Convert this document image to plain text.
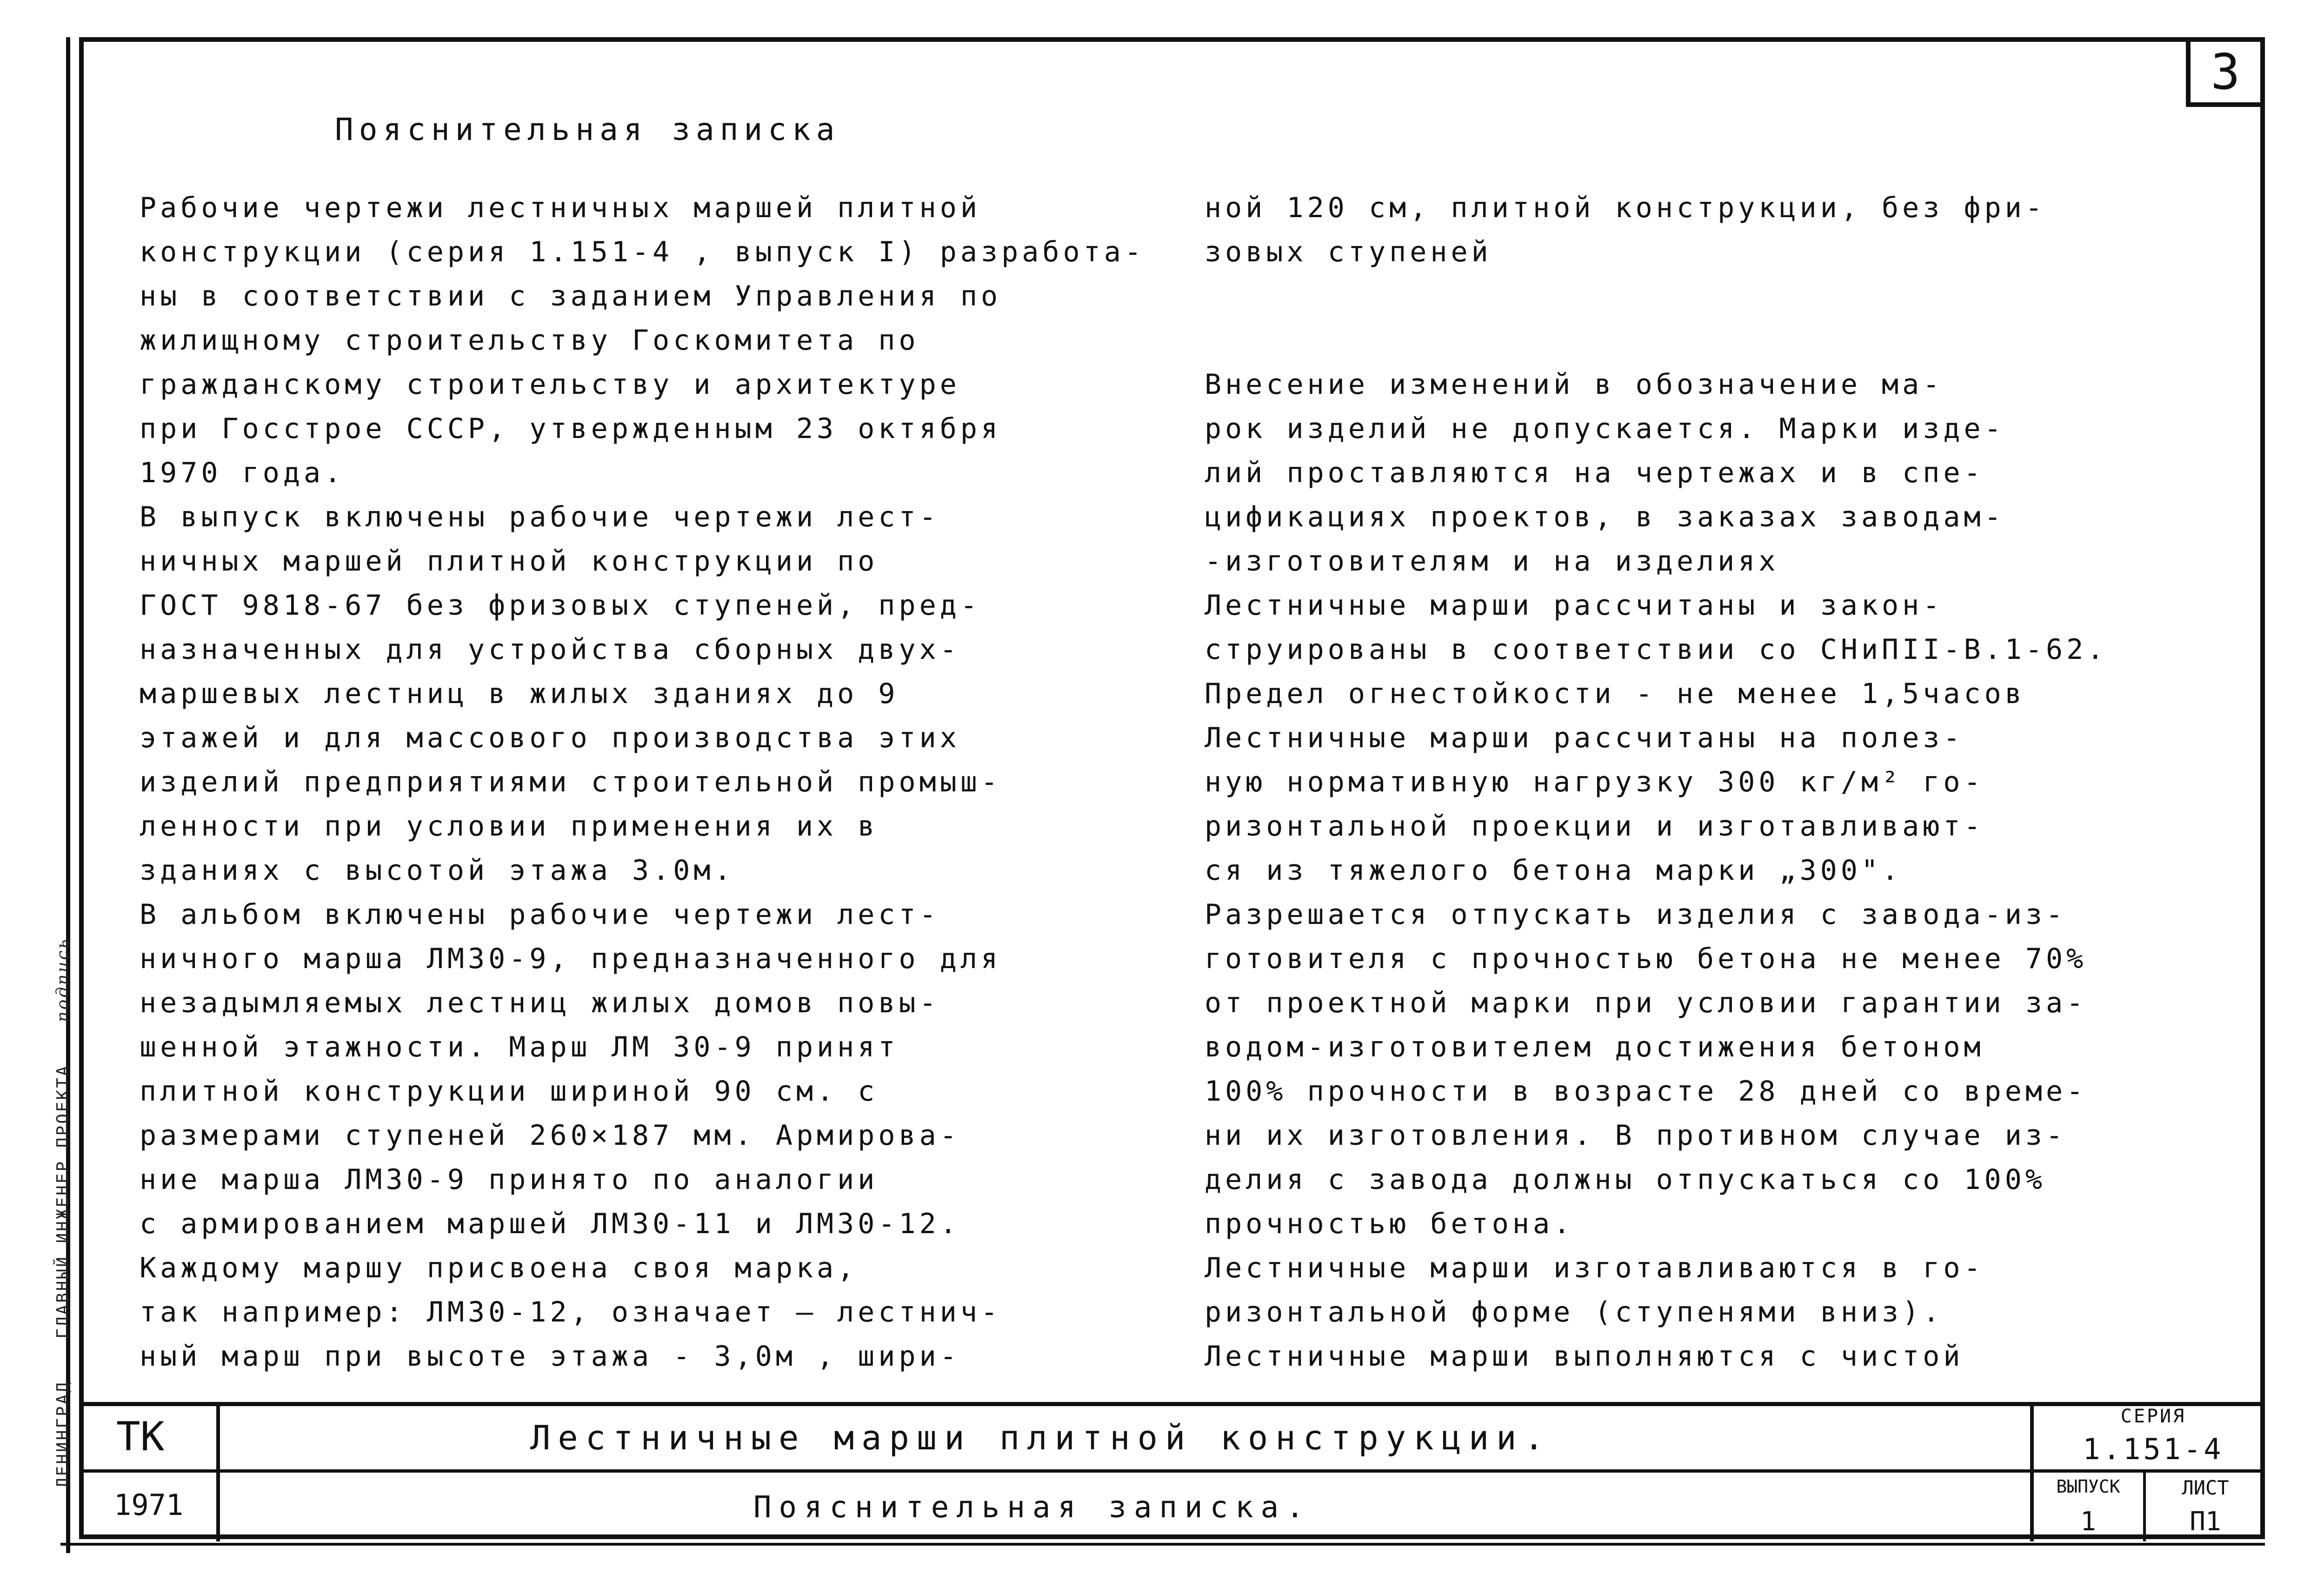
3
ЛЕНИНГРАД
ГЛАВНЫЙ ИНЖЕНЕР ПРОЕКТА
подпись
Пояснительная записка

Рабочие чертежи лестничных маршей плитной

конструкции (серия 1.151-4 , выпуск I) разработа-

ны в соответствии с заданием Управления по

жилищному строительству Госкомитета по

гражданскому строительству и архитектуре

при Госстрое СССР, утвержденным 23 октября

1970 года.

В выпуск включены рабочие чертежи лест-

ничных маршей плитной конструкции по

ГОСТ 9818-67 без фризовых ступеней, пред-

назначенных для устройства сборных двух-

маршевых лестниц в жилых зданиях до 9

этажей и для массового производства этих

изделий предприятиями строительной промыш-

ленности при условии применения их в

зданиях с высотой этажа 3.0м.

В альбом включены рабочие чертежи лест-

ничного марша ЛМ30-9, предназначенного для

незадымляемых лестниц жилых домов повы-

шенной этажности. Марш ЛМ 30-9 принят

плитной конструкции шириной 90 см. с

размерами ступеней 260×187 мм. Армирова-

ние марша ЛМ30-9 принято по аналогии

с армированием маршей ЛМ30-11 и ЛМ30-12.

Каждому маршу присвоена своя марка,

так например: ЛМ30-12, означает — лестнич-

ный марш при высоте этажа - 3,0м , шири-

ной 120 см, плитной конструкции, без фри-

зовых ступеней

Внесение изменений в обозначение ма-

рок изделий не допускается. Марки изде-

лий проставляются на чертежах и в спе-

цификациях проектов, в заказах заводам-

-изготовителям и на изделиях

Лестничные марши рассчитаны и закон-

струированы в соответствии со СНиПII-В.1-62.

Предел огнестойкости - не менее 1,5часов

Лестничные марши рассчитаны на полез-

ную нормативную нагрузку 300 кг/м² го-

ризонтальной проекции и изготавливают-

ся из тяжелого бетона марки „300".

Разрешается отпускать изделия с завода-из-

готовителя с прочностью бетона не менее 70%

от проектной марки при условии гарантии за-

водом-изготовителем достижения бетоном

100% прочности в возрасте 28 дней со време-

ни их изготовления. В противном случае из-

делия с завода должны отпускаться со 100%

прочностью бетона.

Лестничные марши изготавливаются в го-

ризонтальной форме (ступенями вниз).

Лестничные марши выполняются с чистой

ТК
1971
Лестничные марши плитной конструкции.
Пояснительная записка.
СЕРИЯ
1.151-4
ВЫПУСК
1
ЛИСТ
П1
